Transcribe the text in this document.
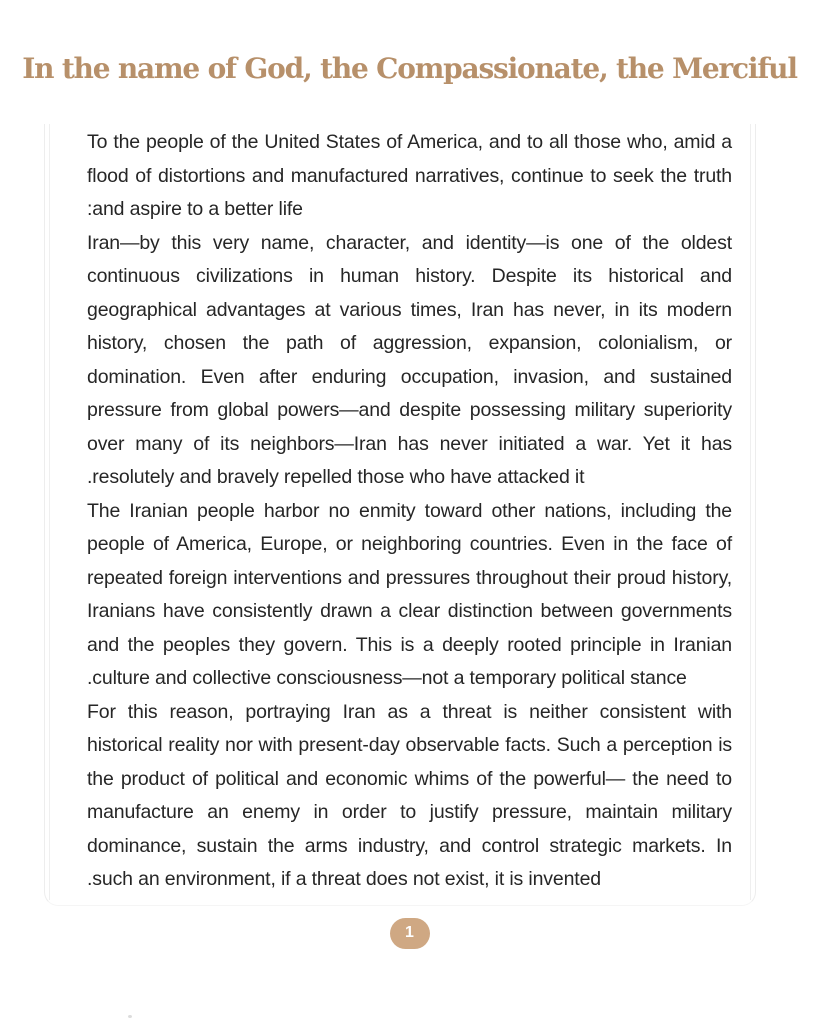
In the name of God, the Compassionate, the Merciful

To the people of the United States of America, and to all those who, amid a flood of distortions and manufactured narratives, continue to seek the truth and aspire to a better life:

Iran—by this very name, character, and identity—is one of the oldest continuous civilizations in human history. Despite its historical and geographical advantages at various times, Iran has never, in its modern history, chosen the path of aggression, expansion, colonialism, or domination. Even after enduring occupation, invasion, and sustained pressure from global powers—and despite possessing military superiority over many of its neighbors—Iran has never initiated a war. Yet it has resolutely and bravely repelled those who have attacked it.

The Iranian people harbor no enmity toward other nations, including the people of America, Europe, or neighboring countries. Even in the face of repeated foreign interventions and pressures throughout their proud history, Iranians have consistently drawn a clear distinction between governments and the peoples they govern. This is a deeply rooted principle in Iranian culture and collective consciousness—not a temporary political stance.

For this reason, portraying Iran as a threat is neither consistent with historical reality nor with present-day observable facts. Such a perception is the product of political and economic whims of the powerful— the need to manufacture an enemy in order to justify pressure, maintain military dominance, sustain the arms industry, and control strategic markets. In such an environment, if a threat does not exist, it is invented.

1
